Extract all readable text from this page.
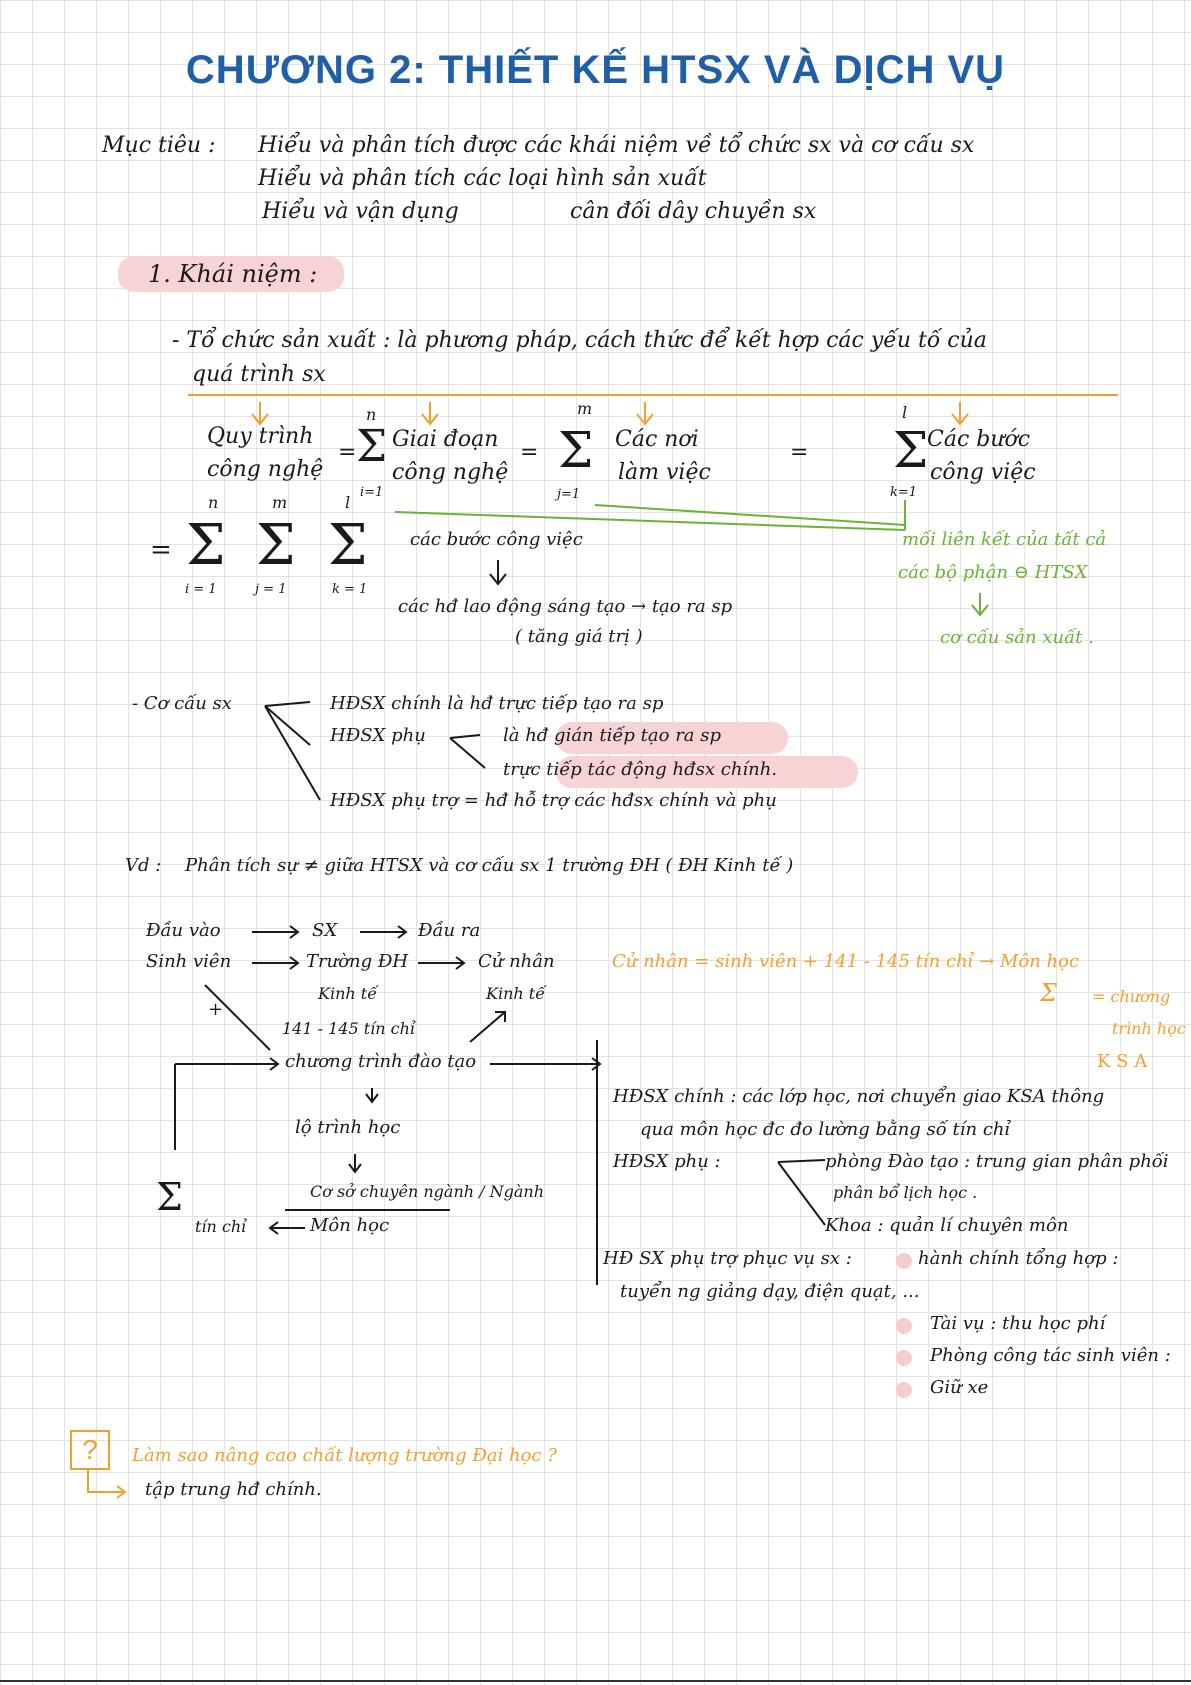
CHƯƠNG 2: THIẾT KẾ HTSX VÀ DỊCH VỤ
Mục tiêu : Hiểu và phân tích được các khái niệm về tổ chức sx và cơ cấu sx
Hiểu và phân tích các loại hình sản xuất
Hiểu và vận dụng	cân đối dây chuyền sx
1. Khái niệm :
- Tổ chức sản xuất : là phương pháp, cách thức để kết hợp các yếu tố của
quá trình sx
Quy trình
công nghệ
=
n
Σ
i=1
Giai đoạn
công nghệ
=
m
Σ
j=1
Các nơi
làm việc
=
l
Σ
k=1
Các bước
công việc
=
n
Σ
i = 1
m
Σ
j = 1
l
Σ
k = 1
các bước công việc
các hđ lao động sáng tạo → tạo ra sp
( tăng giá trị )
mối liên kết của tất cả
các bộ phận ⊖ HTSX
cơ cấu sản xuất .
- Cơ cấu sx	HĐSX chính là hđ trực tiếp tạo ra sp
HĐSX phụ	là hđ gián tiếp tạo ra sp
trực tiếp tác động hđsx chính.
HĐSX phụ trợ = hđ hỗ trợ các hđsx chính và phụ
Vd : Phân tích sự ≠ giữa HTSX và cơ cấu sx 1 trường ĐH ( ĐH Kinh tế )
Đầu vào	SX	Đầu ra
Sinh viên	Trường ĐH
Kinh tế
Cử nhân
Kinh tế
+
141 - 145 tín chỉ
chương trình đào tạo
lộ trình học
Cơ sở chuyên ngành / Ngành
Môn học
Σ
tín chỉ
Cử nhân = sinh viên + 141 - 145 tín chỉ → Môn học
Σ = chương
trình học
K S A
HĐSX chính : các lớp học, nơi chuyển giao KSA thông
qua môn học đc đo lường bằng số tín chỉ
HĐSX phụ :	phòng Đào tạo : trung gian phân phối
phân bổ lịch học .
Khoa : quản lí chuyên môn
HĐ SX phụ trợ phục vụ sx :	hành chính tổng hợp :
tuyển ng giảng dạy, điện quạt, ...
Tài vụ : thu học phí
Phòng công tác sinh viên :
Giữ xe
?	Làm sao nâng cao chất lượng trường Đại học ?
tập trung hđ chính.
